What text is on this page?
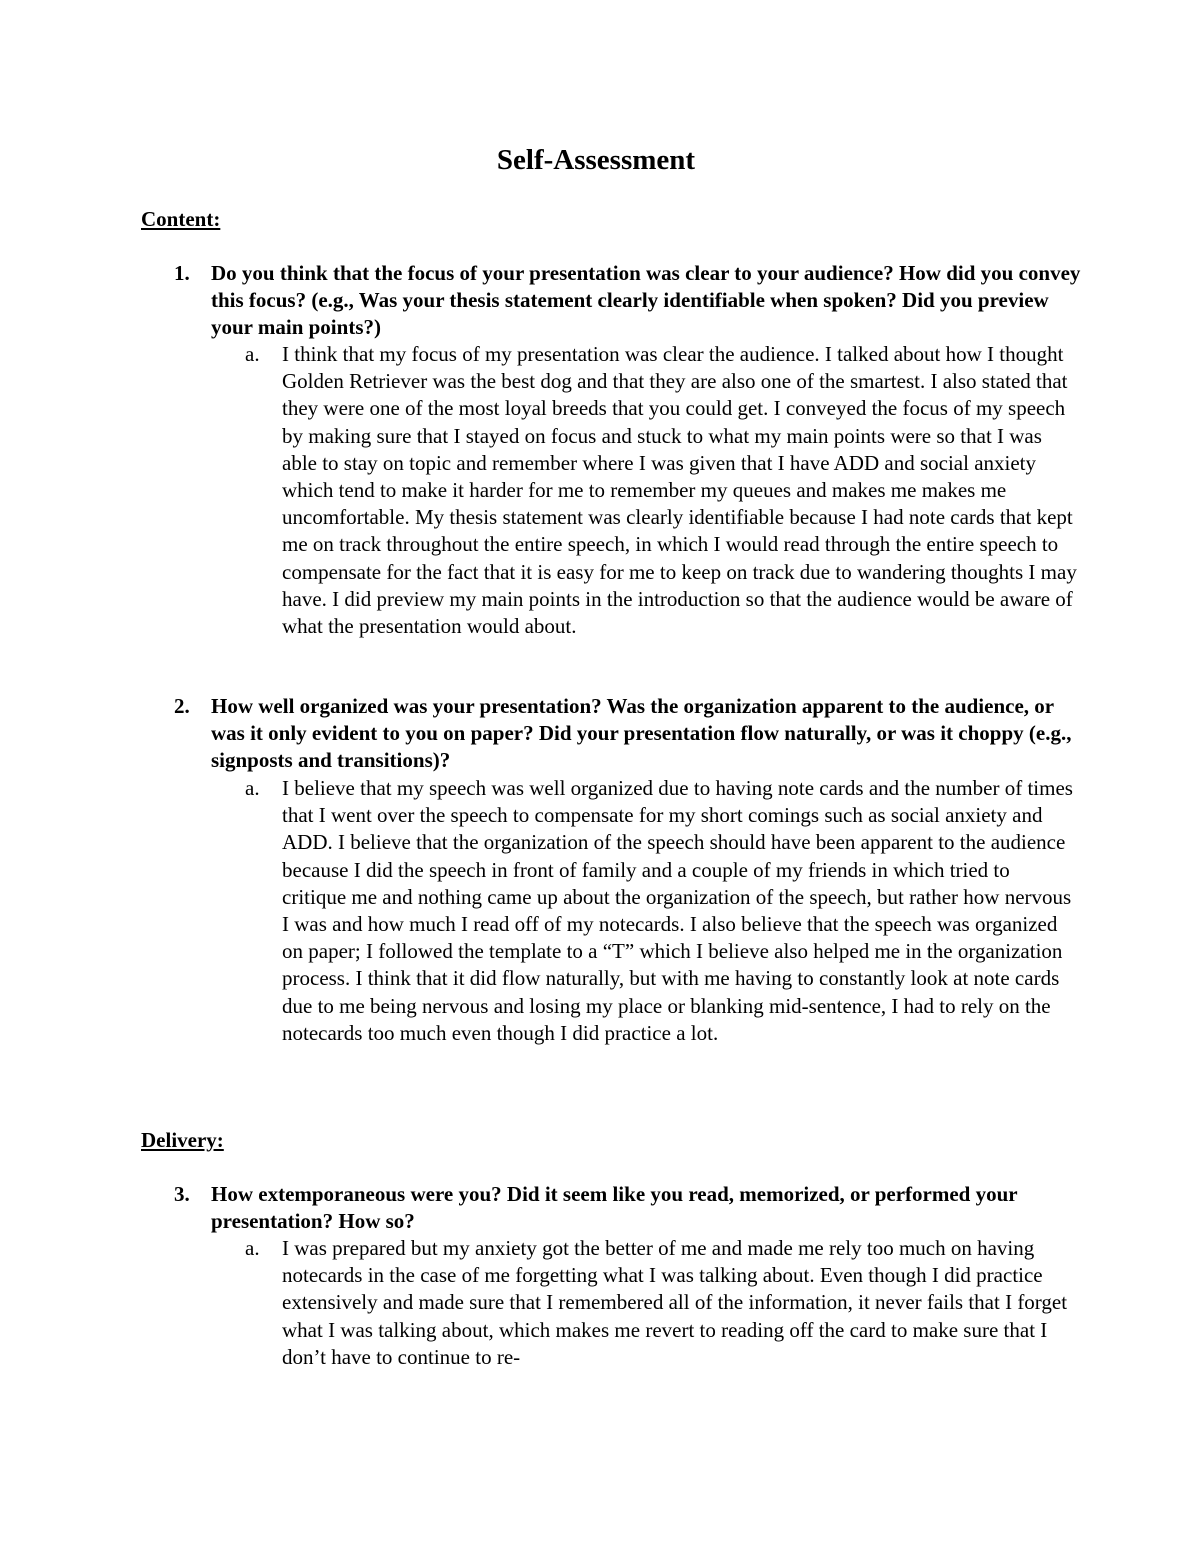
Self-Assessment
Content:
1. Do you think that the focus of your presentation was clear to your audience? How did you convey this focus? (e.g., Was your thesis statement clearly identifiable when spoken? Did you preview your main points?)
a. I think that my focus of my presentation was clear the audience. I talked about how I thought Golden Retriever was the best dog and that they are also one of the smartest. I also stated that they were one of the most loyal breeds that you could get. I conveyed the focus of my speech by making sure that I stayed on focus and stuck to what my main points were so that I was able to stay on topic and remember where I was given that I have ADD and social anxiety which tend to make it harder for me to remember my queues and makes me makes me uncomfortable. My thesis statement was clearly identifiable because I had note cards that kept me on track throughout the entire speech, in which I would read through the entire speech to compensate for the fact that it is easy for me to keep on track due to wandering thoughts I may have. I did preview my main points in the introduction so that the audience would be aware of what the presentation would about.
2. How well organized was your presentation? Was the organization apparent to the audience, or was it only evident to you on paper? Did your presentation flow naturally, or was it choppy (e.g., signposts and transitions)?
a. I believe that my speech was well organized due to having note cards and the number of times that I went over the speech to compensate for my short comings such as social anxiety and ADD. I believe that the organization of the speech should have been apparent to the audience because I did the speech in front of family and a couple of my friends in which tried to critique me and nothing came up about the organization of the speech, but rather how nervous I was and how much I read off of my notecards. I also believe that the speech was organized on paper; I followed the template to a “T” which I believe also helped me in the organization process. I think that it did flow naturally, but with me having to constantly look at note cards due to me being nervous and losing my place or blanking mid-sentence, I had to rely on the notecards too much even though I did practice a lot.
Delivery:
3. How extemporaneous were you? Did it seem like you read, memorized, or performed your presentation? How so?
a. I was prepared but my anxiety got the better of me and made me rely too much on having notecards in the case of me forgetting what I was talking about. Even though I did practice extensively and made sure that I remembered all of the information, it never fails that I forget what I was talking about, which makes me revert to reading off the card to make sure that I don’t have to continue to re-
